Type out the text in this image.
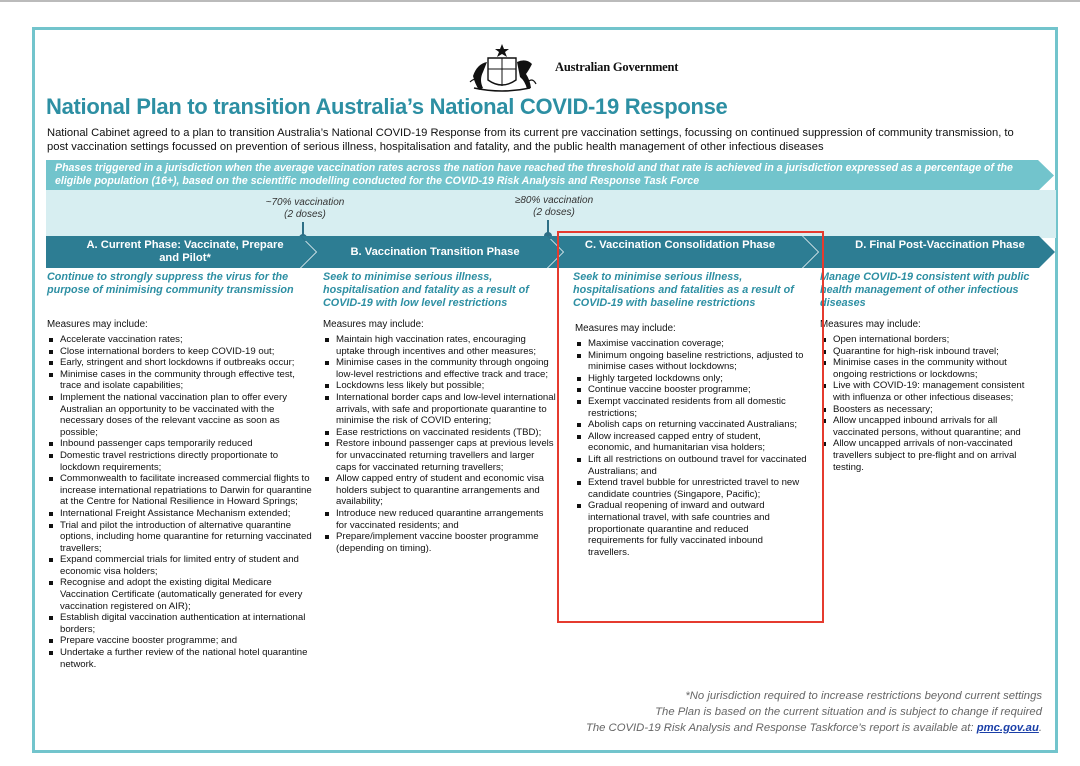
Australian Government
National Plan to transition Australia’s National COVID-19 Response
National Cabinet agreed to a plan to transition Australia’s National COVID-19 Response from its current pre vaccination settings, focussing on continued suppression of community transmission, to post vaccination settings focussed on prevention of serious illness, hospitalisation and fatality, and the public health management of other infectious diseases
Phases triggered in a jurisdiction when the average vaccination rates across the nation have reached the threshold and that rate is achieved in a jurisdiction expressed as a percentage of the eligible population (16+), based on the scientific modelling conducted for the COVID-19 Risk Analysis and Response Task Force
~70% vaccination
(2 doses)
≥80% vaccination
(2 doses)
A. Current Phase: Vaccinate, Prepare and Pilot*	B. Vaccination Transition Phase
C. Vaccination Consolidation Phase	D. Final Post-Vaccination Phase
Continue to strongly suppress the virus for the purpose of minimising community transmission
Seek to minimise serious illness, hospitalisation and fatality as a result of COVID-19 with low level restrictions
Seek to minimise serious illness, hospitalisations and fatalities as a result of COVID-19 with baseline restrictions
Manage COVID-19 consistent with public health management of other infectious diseases
Measures may include:	Measures may include:	Measures may include:	Measures may include:
Accelerate vaccination rates;
Close international borders to keep COVID-19 out;
Early, stringent and short lockdowns if outbreaks occur;
Minimise cases in the community through effective test, trace and isolate capabilities;
Implement the national vaccination plan to offer every Australian an opportunity to be vaccinated with the necessary doses of the relevant vaccine as soon as possible;
Inbound passenger caps temporarily reduced
Domestic travel restrictions directly proportionate to lockdown requirements;
Commonwealth to facilitate increased commercial flights to increase international repatriations to Darwin for quarantine at the Centre for National Resilience in Howard Springs;
International Freight Assistance Mechanism extended;
Trial and pilot the introduction of alternative quarantine options, including home quarantine for returning vaccinated travellers;
Expand commercial trials for limited entry of student and economic visa holders;
Recognise and adopt the existing digital Medicare Vaccination Certificate (automatically generated for every vaccination registered on AIR);
Establish digital vaccination authentication at international borders;
Prepare vaccine booster programme; and
Undertake a further review of the national hotel quarantine network.
Maintain high vaccination rates, encouraging uptake through incentives and other measures;
Minimise cases in the community through ongoing low-level restrictions and effective track and trace;
Lockdowns less likely but possible;
International border caps and low-level international arrivals, with safe and proportionate quarantine to minimise the risk of COVID entering;
Ease restrictions on vaccinated residents (TBD);
Restore inbound passenger caps at previous levels for unvaccinated returning travellers and larger caps for vaccinated returning travellers;
Allow capped entry of student and economic visa holders subject to quarantine arrangements and availability;
Introduce new reduced quarantine arrangements for vaccinated residents; and
Prepare/implement vaccine booster programme (depending on timing).
Maximise vaccination coverage;
Minimum ongoing baseline restrictions, adjusted to minimise cases without lockdowns;
Highly targeted lockdowns only;
Continue vaccine booster programme;
Exempt vaccinated residents from all domestic restrictions;
Abolish caps on returning vaccinated Australians;
Allow increased capped entry of student, economic, and humanitarian visa holders;
Lift all restrictions on outbound travel for vaccinated Australians; and
Extend travel bubble for unrestricted travel to new candidate countries (Singapore, Pacific);
Gradual reopening of inward and outward international travel, with safe countries and proportionate quarantine and reduced requirements for fully vaccinated inbound travellers.
Open international borders;
Quarantine for high-risk inbound travel;
Minimise cases in the community without ongoing restrictions or lockdowns;
Live with COVID-19: management consistent with influenza or other infectious diseases;
Boosters as necessary;
Allow uncapped inbound arrivals for all vaccinated persons, without quarantine; and
Allow uncapped arrivals of non-vaccinated travellers subject to pre-flight and on arrival testing.
*No jurisdiction required to increase restrictions beyond current settings
The Plan is based on the current situation and is subject to change if required
The COVID-19 Risk Analysis and Response Taskforce’s report is available at: pmc.gov.au.
